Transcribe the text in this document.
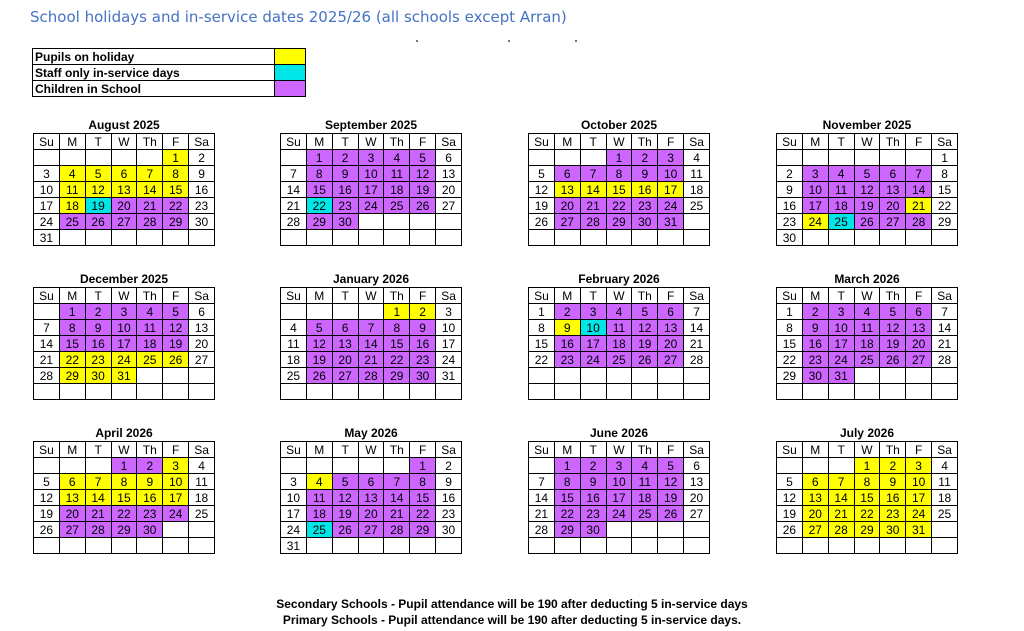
School holidays and in-service dates 2025/26 (all schools except Arran)
Pupils on holiday	
Staff only in-service days	
Children in School	
August 2025
Su	M	T	W	Th	F	Sa
					1	2
3	4	5	6	7	8	9
10	11	12	13	14	15	16
17	18	19	20	21	22	23
24	25	26	27	28	29	30
31						
September 2025
Su	M	T	W	Th	F	Sa
	1	2	3	4	5	6
7	8	9	10	11	12	13
14	15	16	17	18	19	20
21	22	23	24	25	26	27
28	29	30				

October 2025
Su	M	T	W	Th	F	Sa
			1	2	3	4
5	6	7	8	9	10	11
12	13	14	15	16	17	18
19	20	21	22	23	24	25
26	27	28	29	30	31	

November 2025
Su	M	T	W	Th	F	Sa
						1
2	3	4	5	6	7	8
9	10	11	12	13	14	15
16	17	18	19	20	21	22
23	24	25	26	27	28	29
30						
December 2025
Su	M	T	W	Th	F	Sa
	1	2	3	4	5	6
7	8	9	10	11	12	13
14	15	16	17	18	19	20
21	22	23	24	25	26	27
28	29	30	31			

January 2026
Su	M	T	W	Th	F	Sa
				1	2	3
4	5	6	7	8	9	10
11	12	13	14	15	16	17
18	19	20	21	22	23	24
25	26	27	28	29	30	31

February 2026
Su	M	T	W	Th	F	Sa
1	2	3	4	5	6	7
8	9	10	11	12	13	14
15	16	17	18	19	20	21
22	23	24	25	26	27	28

March 2026
Su	M	T	W	Th	F	Sa
1	2	3	4	5	6	7
8	9	10	11	12	13	14
15	16	17	18	19	20	21
22	23	24	25	26	27	28
29	30	31				

April 2026
Su	M	T	W	Th	F	Sa
			1	2	3	4
5	6	7	8	9	10	11
12	13	14	15	16	17	18
19	20	21	22	23	24	25
26	27	28	29	30		

May 2026
Su	M	T	W	Th	F	Sa
					1	2
3	4	5	6	7	8	9
10	11	12	13	14	15	16
17	18	19	20	21	22	23
24	25	26	27	28	29	30
31						
June 2026
Su	M	T	W	Th	F	Sa
	1	2	3	4	5	6
7	8	9	10	11	12	13
14	15	16	17	18	19	20
21	22	23	24	25	26	27
28	29	30				

July 2026
Su	M	T	W	Th	F	Sa
			1	2	3	4
5	6	7	8	9	10	11
12	13	14	15	16	17	18
19	20	21	22	23	24	25
26	27	28	29	30	31	

Secondary Schools - Pupil attendance will be 190 after deducting 5 in-service days
Primary Schools - Pupil attendance will be 190 after deducting 5 in-service days.
